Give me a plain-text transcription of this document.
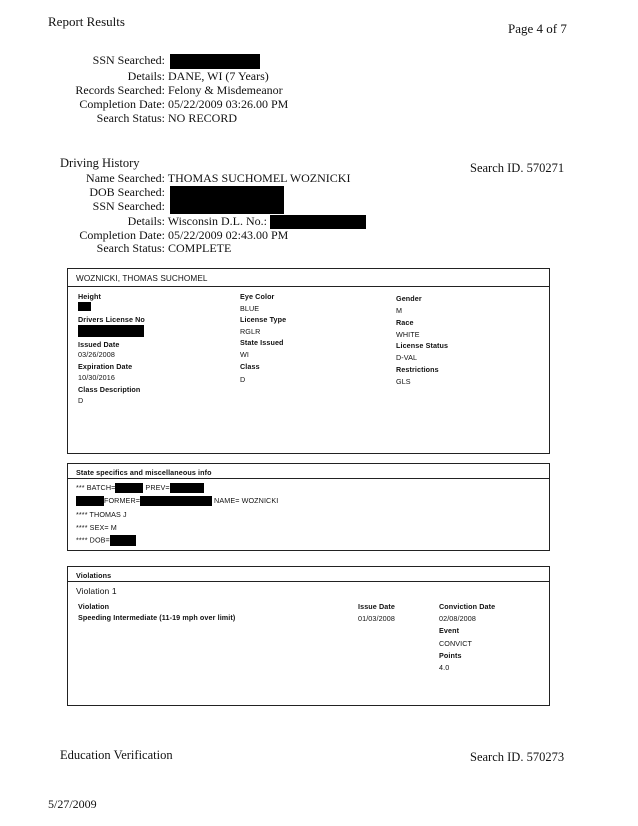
Report Results	Page 4 of 7
SSN Searched:
Details: DANE, WI (7 Years)
Records Searched: Felony & Misdemeanor
Completion Date: 05/22/2009 03:26.00 PM
Search Status: NO RECORD
Driving History	Search ID. 570271
Name Searched: THOMAS SUCHOMEL WOZNICKI
DOB Searched:
SSN Searched:
Details: Wisconsin D.L. No.:
Completion Date: 05/22/2009 02:43.00 PM
Search Status: COMPLETE
WOZNICKI, THOMAS SUCHOMEL
Height
Drivers License No
Issued Date
03/26/2008
Expiration Date
10/30/2016
Class Description
D
Eye Color
BLUE
License Type
RGLR
State Issued
WI
Class
D
Gender
M
Race
WHITE
License Status
D-VAL
Restrictions
GLS
State specifics and miscellaneous info
*** BATCH=	PREV=
FORMER=	NAME= WOZNICKI
**** THOMAS J
**** SEX= M
**** DOB=
Violations
Violation 1
Violation
Speeding Intermediate (11-19 mph over limit)
Issue Date
01/03/2008
Conviction Date
02/08/2008
Event
CONVICT
Points
4.0
Education Verification	Search ID. 570273
5/27/2009
